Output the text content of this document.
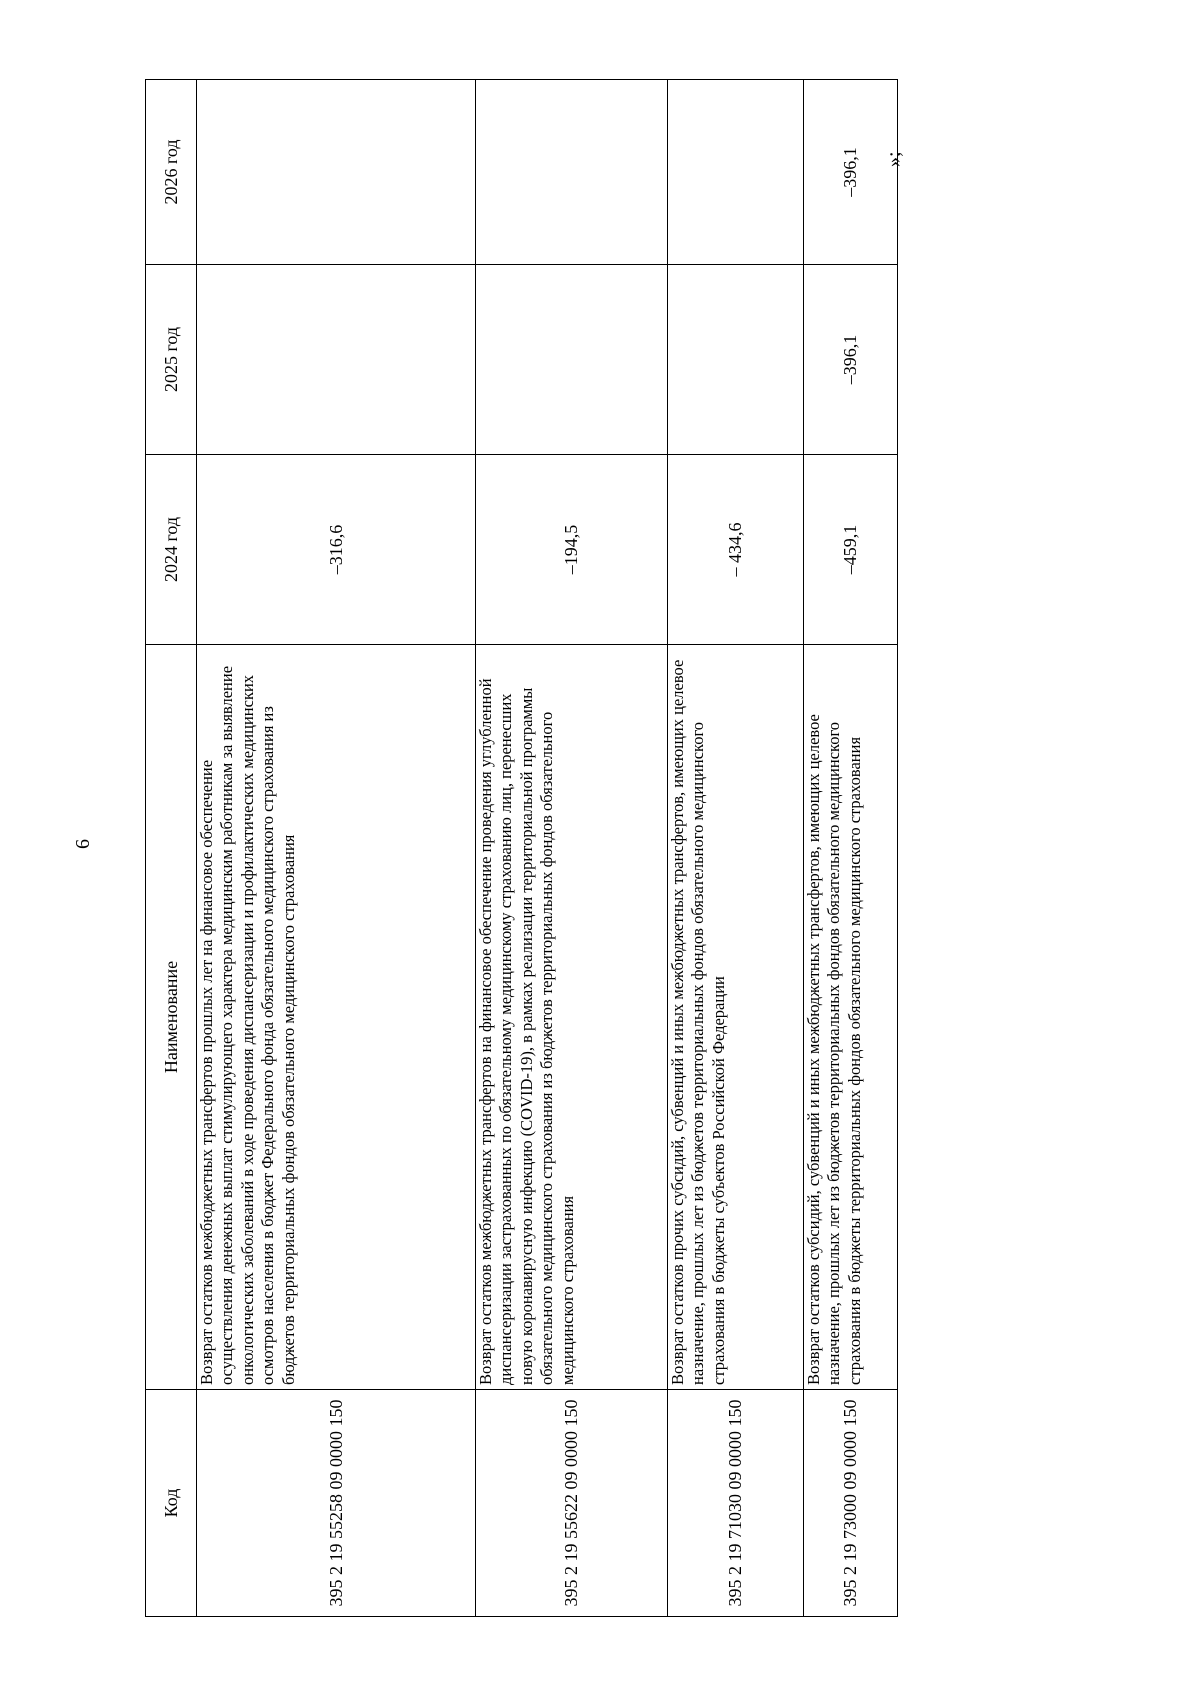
6
Код	Наименование	2024 год	2025 год	2026 год
395 2 19 55258 09 0000 150	Возврат остатков межбюджетных трансфертов прошлых лет на финансовое обеспечение осуществления денежных выплат стимулирующего характера медицинским работникам за выявление онкологических заболеваний в ходе проведения диспансеризации и профилактических медицинских осмотров населения в бюджет Федерального фонда обязательного медицинского страхования из бюджетов территориальных фондов обязательного медицинского страхования	–316,6		
395 2 19 55622 09 0000 150	Возврат остатков межбюджетных трансфертов на финансовое обеспечение проведения углубленной диспансеризации застрахованных по обязательному медицинскому страхованию лиц, перенесших новую коронавирусную инфекцию (COVID-19), в рамках реализации территориальной программы обязательного медицинского страхования из бюджетов территориальных фондов обязательного медицинского страхования	–194,5		
395 2 19 71030 09 0000 150	Возврат остатков прочих субсидий, субвенций и иных межбюджетных трансфертов, имеющих целевое назначение, прошлых лет из бюджетов территориальных фондов обязательного медицинского страхования в бюджеты субъектов Российской Федерации	– 434,6		
395 2 19 73000 09 0000 150	Возврат остатков субсидий, субвенций и иных межбюджетных трансфертов, имеющих целевое назначение, прошлых лет из бюджетов территориальных фондов обязательного медицинского страхования в бюджеты территориальных фондов обязательного медицинского страхования	–459,1	–396,1	–396,1 »;
